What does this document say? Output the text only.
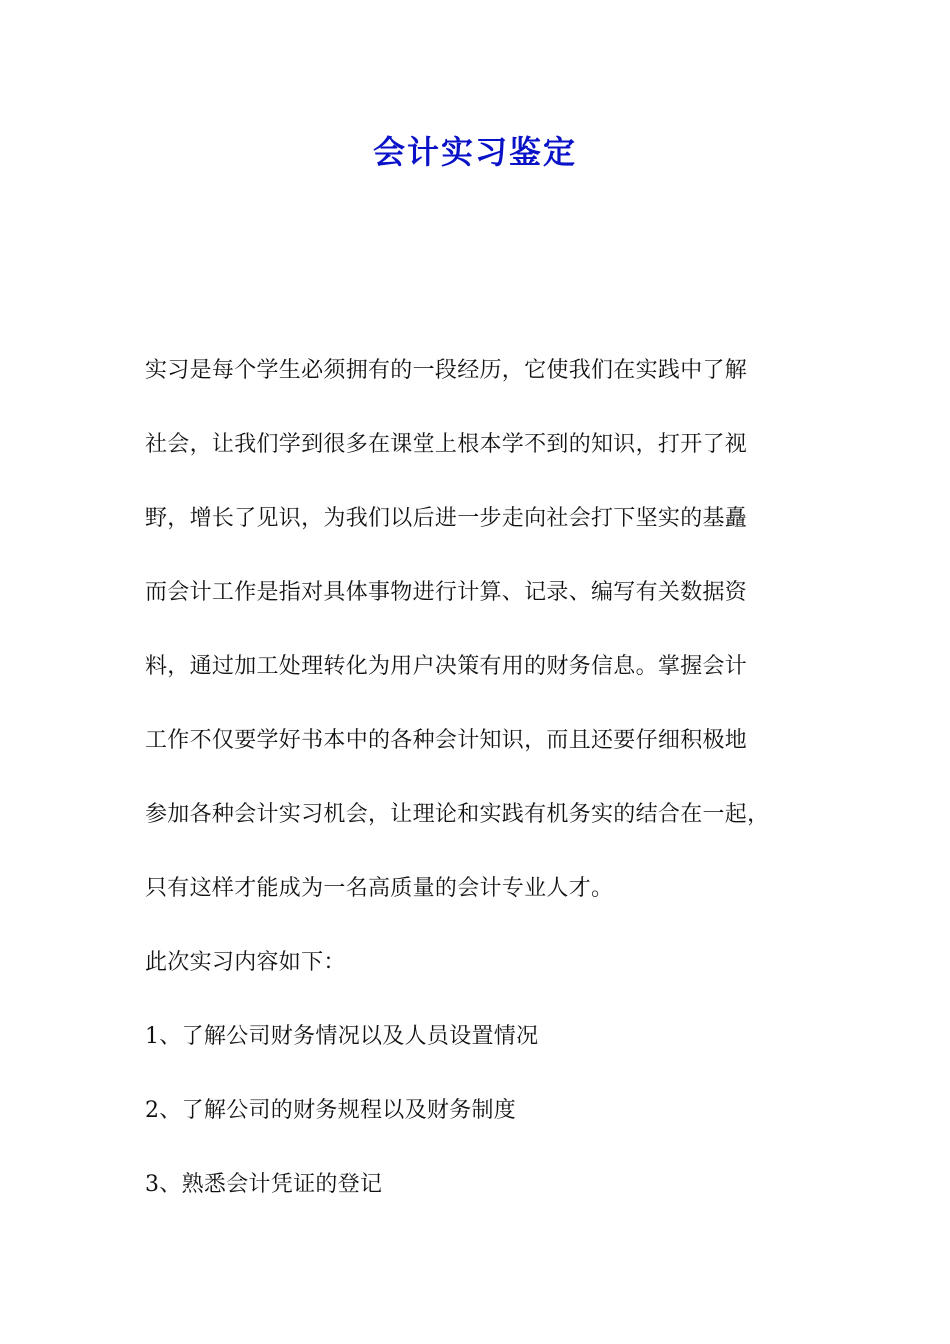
会计实习鉴定
实习是每个学生必须拥有的一段经历，它使我们在实践中了解
社会，让我们学到很多在课堂上根本学不到的知识，打开了视
野，增长了见识，为我们以后进一步走向社会打下坚实的基矗
而会计工作是指对具体事物进行计算、记录、编写有关数据资
料，通过加工处理转化为用户决策有用的财务信息。掌握会计
工作不仅要学好书本中的各种会计知识，而且还要仔细积极地
参加各种会计实习机会，让理论和实践有机务实的结合在一起，
只有这样才能成为一名高质量的会计专业人才。
此次实习内容如下：
1、了解公司财务情况以及人员设置情况
2、了解公司的财务规程以及财务制度
3、熟悉会计凭证的登记
